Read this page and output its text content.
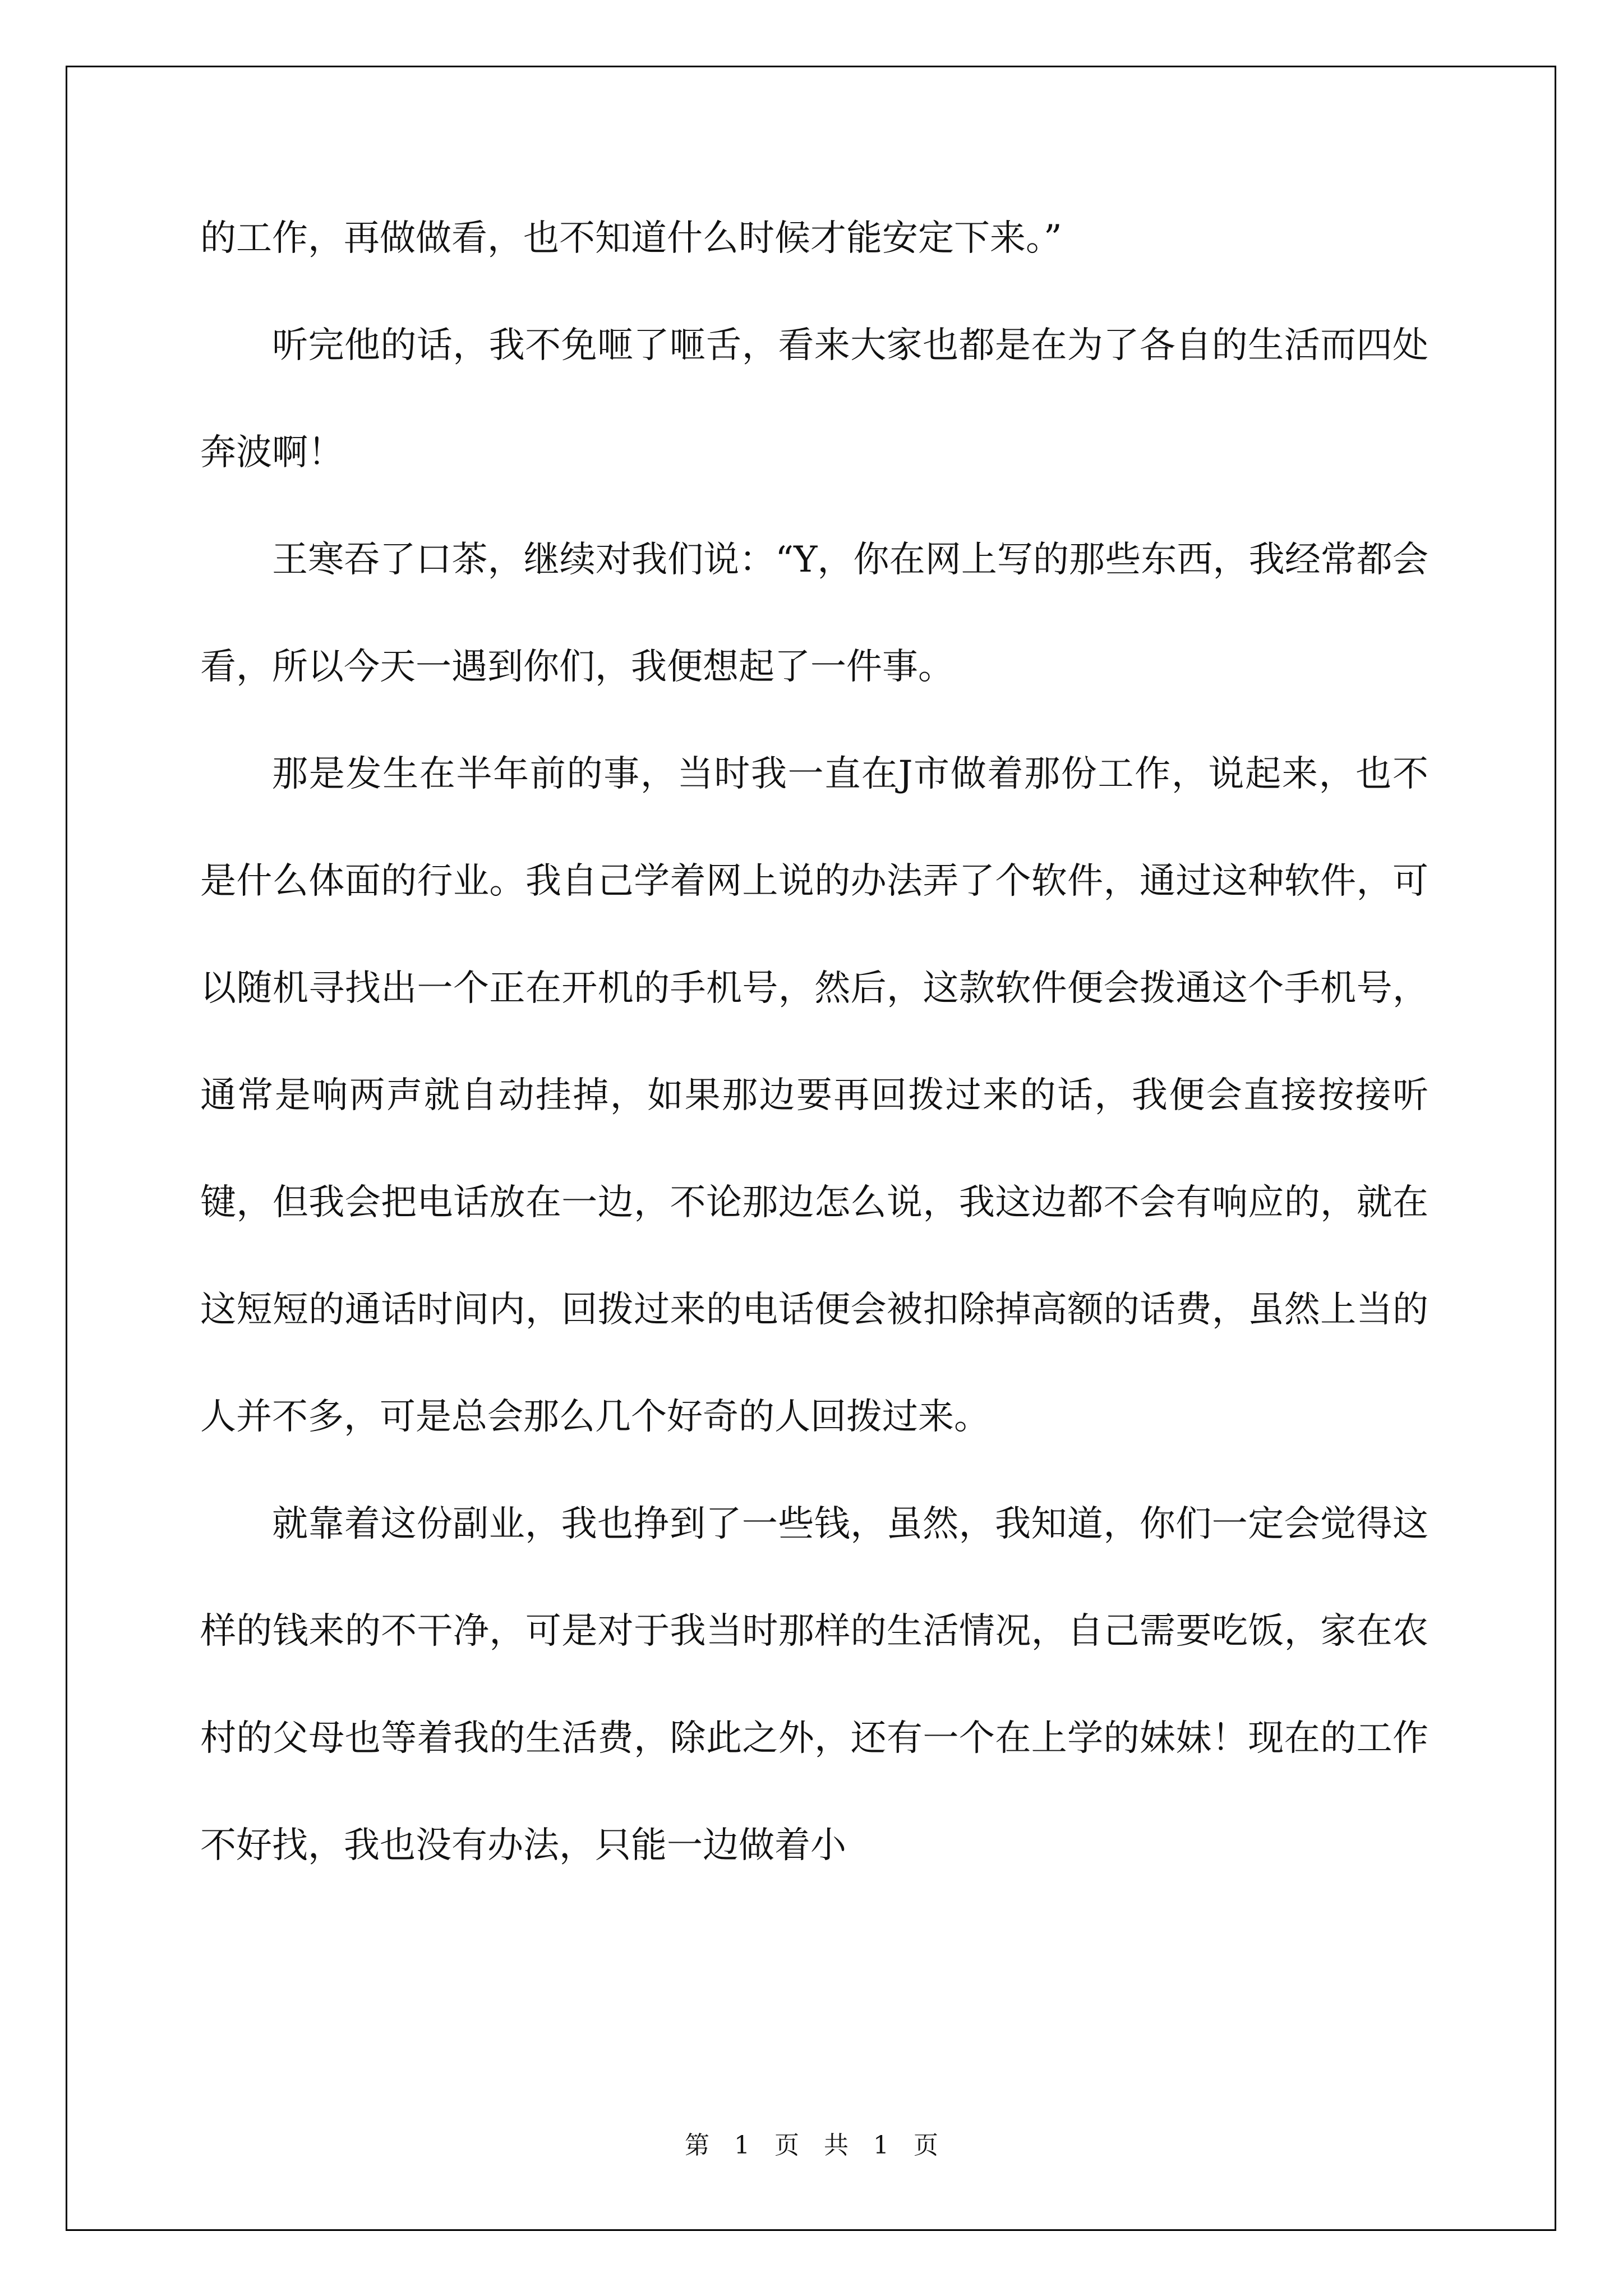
的工作，再做做看，也不知道什么时候才能安定下来。”

听完他的话，我不免咂了咂舌，看来大家也都是在为了各自的生活而四处奔波啊！

王寒吞了口茶，继续对我们说：“Y，你在网上写的那些东西，我经常都会看，所以今天一遇到你们，我便想起了一件事。

那是发生在半年前的事，当时我一直在J市做着那份工作，说起来，也不是什么体面的行业。我自己学着网上说的办法弄了个软件，通过这种软件，可以随机寻找出一个正在开机的手机号，然后，这款软件便会拨通这个手机号，通常是响两声就自动挂掉，如果那边要再回拨过来的话，我便会直接按接听键，但我会把电话放在一边，不论那边怎么说，我这边都不会有响应的，就在这短短的通话时间内，回拨过来的电话便会被扣除掉高额的话费，虽然上当的人并不多，可是总会那么几个好奇的人回拨过来。

就靠着这份副业，我也挣到了一些钱，虽然，我知道，你们一定会觉得这样的钱来的不干净，可是对于我当时那样的生活情况，自己需要吃饭，家在农村的父母也等着我的生活费，除此之外，还有一个在上学的妹妹！现在的工作不好找，我也没有办法，只能一边做着小

第 1 页 共 1 页
